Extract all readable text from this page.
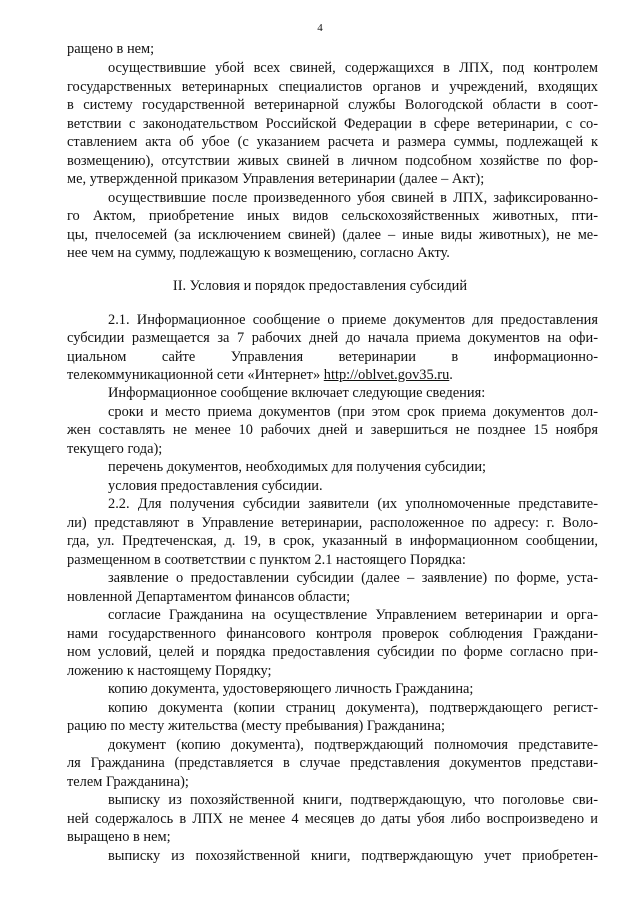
4
ращено в нем;
осуществившие убой всех свиней, содержащихся в ЛПХ, под контролем
государственных ветеринарных специалистов органов и учреждений, входящих
в систему государственной ветеринарной службы Вологодской области в соот-
ветствии с законодательством Российской Федерации в сфере ветеринарии, с со-
ставлением акта об убое (с указанием расчета и размера суммы, подлежащей к
возмещению), отсутствии живых свиней в личном подсобном хозяйстве по фор-
ме, утвержденной приказом Управления ветеринарии (далее – Акт);
осуществившие после произведенного убоя свиней в ЛПХ, зафиксированно-
го Актом, приобретение иных видов сельскохозяйственных животных, пти-
цы, пчелосемей (за исключением свиней) (далее – иные виды животных), не ме-
нее чем на сумму, подлежащую к возмещению, согласно Акту.
II. Условия и порядок предоставления субсидий
2.1. Информационное сообщение о приеме документов для предоставления
субсидии размещается за 7 рабочих дней до начала приема документов на офи-
циальном сайте Управления ветеринарии в информационно-
телекоммуникационной сети «Интернет» http://oblvet.gov35.ru.
Информационное сообщение включает следующие сведения:
сроки и место приема документов (при этом срок приема документов дол-
жен составлять не менее 10 рабочих дней и завершиться не позднее 15 ноября
текущего года);
перечень документов, необходимых для получения субсидии;
условия предоставления субсидии.
2.2. Для получения субсидии заявители (их уполномоченные представите-
ли) представляют в Управление ветеринарии, расположенное по адресу: г. Воло-
гда, ул. Предтеченская, д. 19, в срок, указанный в информационном сообщении,
размещенном в соответствии с пунктом 2.1 настоящего Порядка:
заявление о предоставлении субсидии (далее – заявление) по форме, уста-
новленной Департаментом финансов области;
согласие Гражданина на осуществление Управлением ветеринарии и орга-
нами государственного финансового контроля проверок соблюдения Граждани-
ном условий, целей и порядка предоставления субсидии по форме согласно при-
ложению к настоящему Порядку;
копию документа, удостоверяющего личность Гражданина;
копию документа (копии страниц документа), подтверждающего регист-
рацию по месту жительства (месту пребывания) Гражданина;
документ (копию документа), подтверждающий полномочия представите-
ля Гражданина (представляется в случае представления документов представи-
телем Гражданина);
выписку из похозяйственной книги, подтверждающую, что поголовье сви-
ней содержалось в ЛПХ не менее 4 месяцев до даты убоя либо воспроизведено и
выращено в нем;
выписку из похозяйственной книги, подтверждающую учет приобретен-
